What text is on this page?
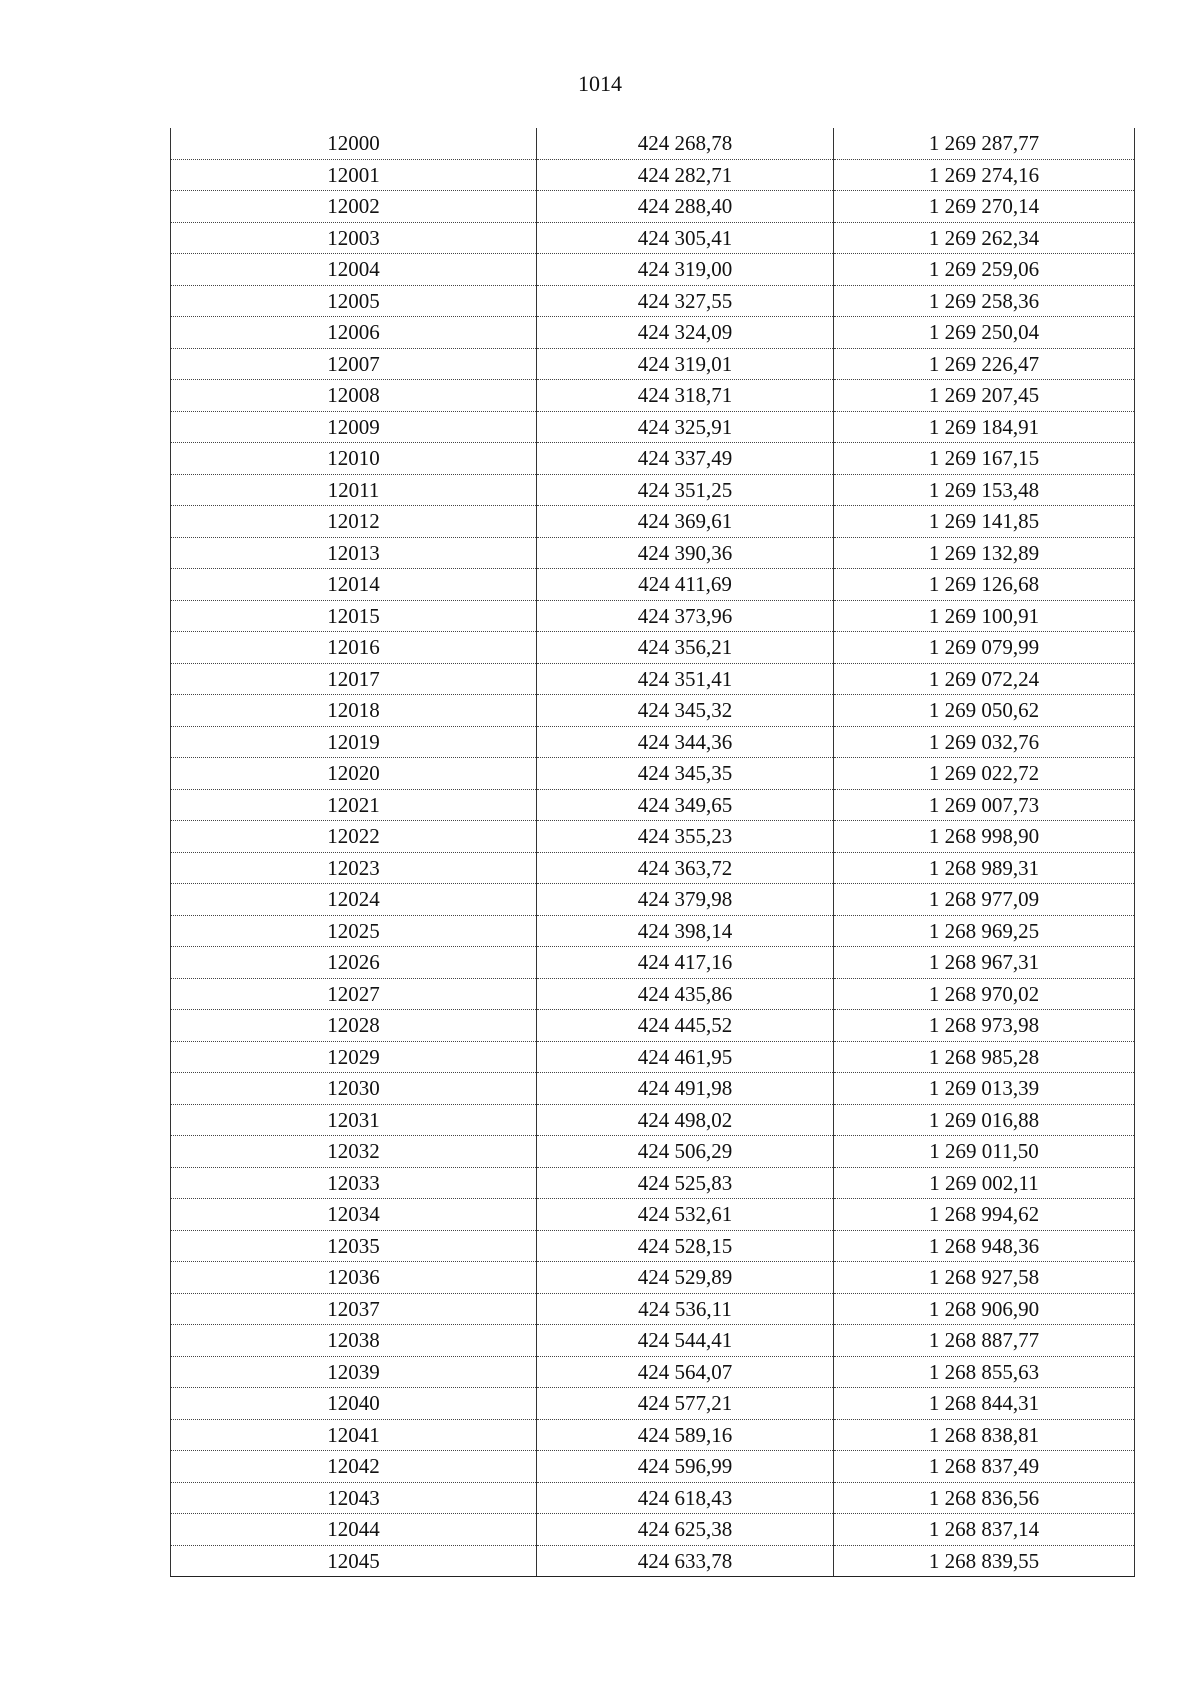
1014
12000	424 268,78	1 269 287,77
12001	424 282,71	1 269 274,16
12002	424 288,40	1 269 270,14
12003	424 305,41	1 269 262,34
12004	424 319,00	1 269 259,06
12005	424 327,55	1 269 258,36
12006	424 324,09	1 269 250,04
12007	424 319,01	1 269 226,47
12008	424 318,71	1 269 207,45
12009	424 325,91	1 269 184,91
12010	424 337,49	1 269 167,15
12011	424 351,25	1 269 153,48
12012	424 369,61	1 269 141,85
12013	424 390,36	1 269 132,89
12014	424 411,69	1 269 126,68
12015	424 373,96	1 269 100,91
12016	424 356,21	1 269 079,99
12017	424 351,41	1 269 072,24
12018	424 345,32	1 269 050,62
12019	424 344,36	1 269 032,76
12020	424 345,35	1 269 022,72
12021	424 349,65	1 269 007,73
12022	424 355,23	1 268 998,90
12023	424 363,72	1 268 989,31
12024	424 379,98	1 268 977,09
12025	424 398,14	1 268 969,25
12026	424 417,16	1 268 967,31
12027	424 435,86	1 268 970,02
12028	424 445,52	1 268 973,98
12029	424 461,95	1 268 985,28
12030	424 491,98	1 269 013,39
12031	424 498,02	1 269 016,88
12032	424 506,29	1 269 011,50
12033	424 525,83	1 269 002,11
12034	424 532,61	1 268 994,62
12035	424 528,15	1 268 948,36
12036	424 529,89	1 268 927,58
12037	424 536,11	1 268 906,90
12038	424 544,41	1 268 887,77
12039	424 564,07	1 268 855,63
12040	424 577,21	1 268 844,31
12041	424 589,16	1 268 838,81
12042	424 596,99	1 268 837,49
12043	424 618,43	1 268 836,56
12044	424 625,38	1 268 837,14
12045	424 633,78	1 268 839,55
